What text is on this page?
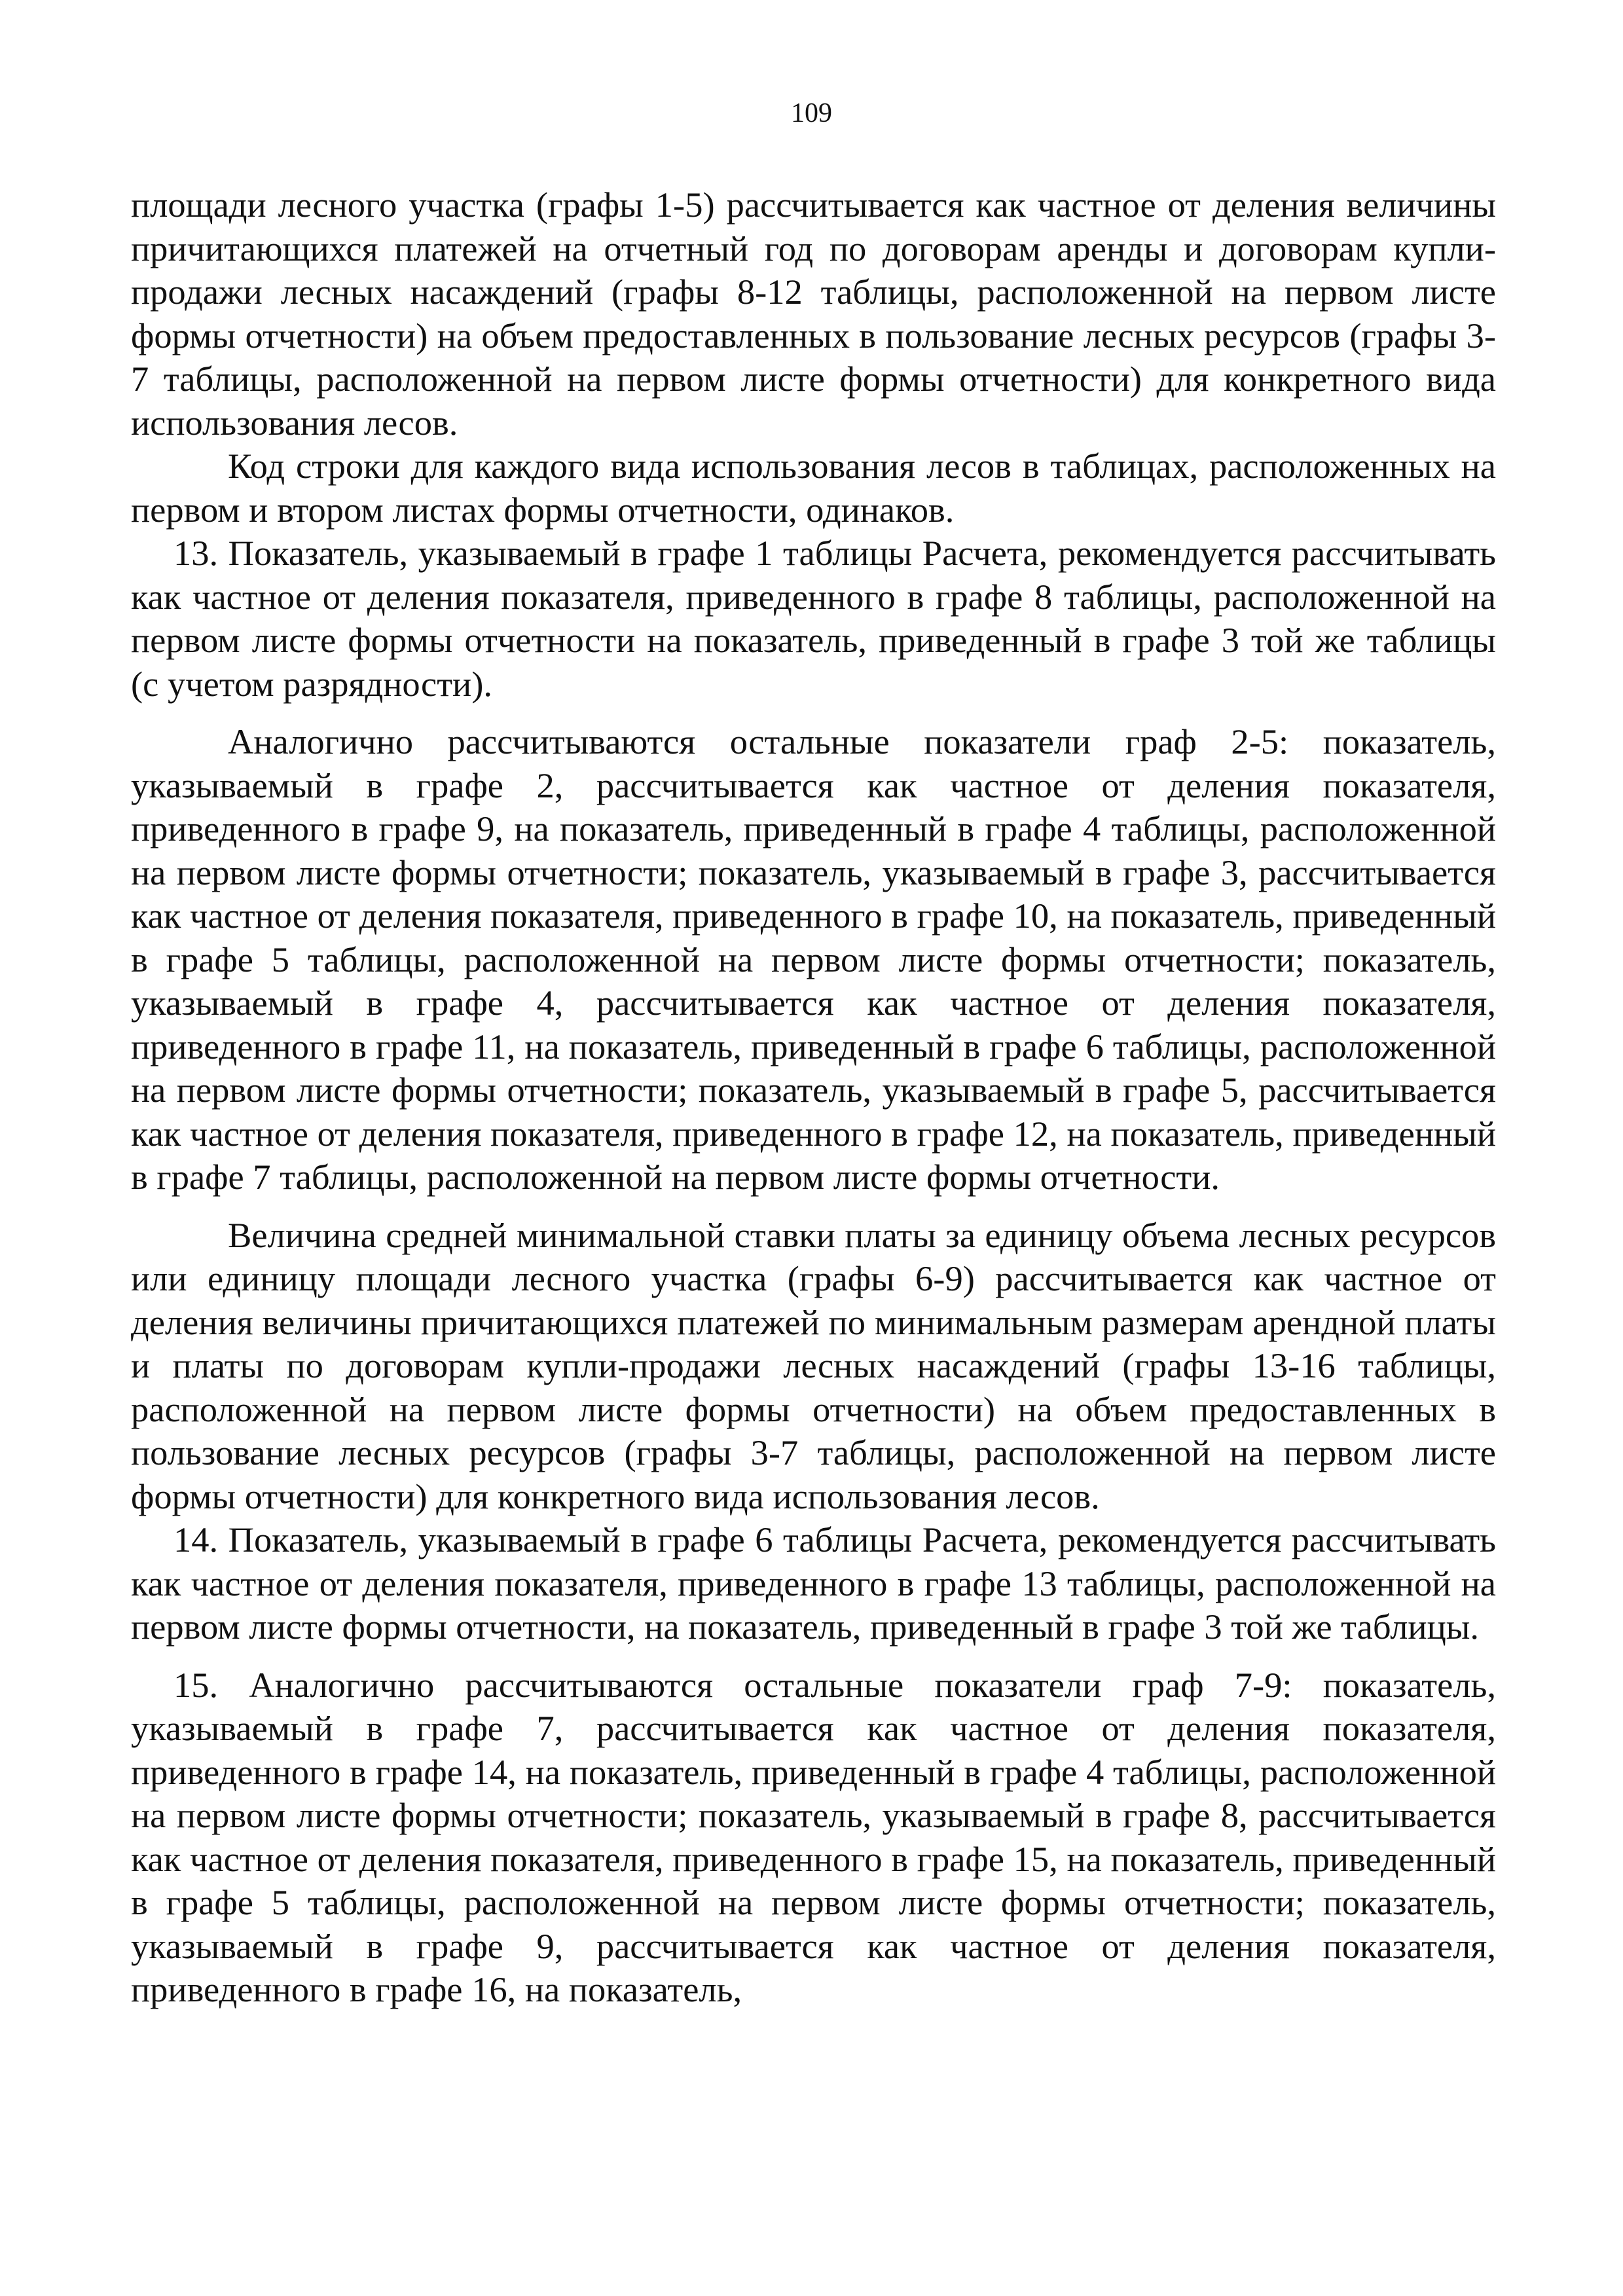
109

площади лесного участка (графы 1-5) рассчитывается как частное от деления величины причитающихся платежей на отчетный год по договорам аренды и договорам купли-продажи лесных насаждений (графы 8-12 таблицы, расположенной на первом листе формы отчетности) на объем предоставленных в пользование лесных ресурсов (графы 3-7 таблицы, расположенной на первом листе формы отчетности) для конкретного вида использования лесов.

Код строки для каждого вида использования лесов в таблицах, расположенных на первом и втором листах формы отчетности, одинаков.

13. Показатель, указываемый в графе 1 таблицы Расчета, рекомендуется рассчитывать как частное от деления показателя, приведенного в графе 8 таблицы, расположенной на первом листе формы отчетности на показатель, приведенный в графе 3 той же таблицы (с учетом разрядности).

Аналогично рассчитываются остальные показатели граф 2-5: показатель, указываемый в графе 2, рассчитывается как частное от деления показателя, приведенного в графе 9, на показатель, приведенный в графе 4 таблицы, расположенной на первом листе формы отчетности; показатель, указываемый в графе 3, рассчитывается как частное от деления показателя, приведенного в графе 10, на показатель, приведенный в графе 5 таблицы, расположенной на первом листе формы отчетности; показатель, указываемый в графе 4, рассчитывается как частное от деления показателя, приведенного в графе 11, на показатель, приведенный в графе 6 таблицы, расположенной на первом листе формы отчетности; показатель, указываемый в графе 5, рассчитывается как частное от деления показателя, приведенного в графе 12, на показатель, приведенный в графе 7 таблицы, расположенной на первом листе формы отчетности.

Величина средней минимальной ставки платы за единицу объема лесных ресурсов или единицу площади лесного участка (графы 6-9) рассчитывается как частное от деления величины причитающихся платежей по минимальным размерам арендной платы и платы по договорам купли-продажи лесных насаждений (графы 13-16 таблицы, расположенной на первом листе формы отчетности) на объем предоставленных в пользование лесных ресурсов (графы 3-7 таблицы, расположенной на первом листе формы отчетности) для конкретного вида использования лесов.

14. Показатель, указываемый в графе 6 таблицы Расчета, рекомендуется рассчитывать как частное от деления показателя, приведенного в графе 13 таблицы, расположенной на первом листе формы отчетности, на показатель, приведенный в графе 3 той же таблицы.

15. Аналогично рассчитываются остальные показатели граф 7-9: показатель, указываемый в графе 7, рассчитывается как частное от деления показателя, приведенного в графе 14, на показатель, приведенный в графе 4 таблицы, расположенной на первом листе формы отчетности; показатель, указываемый в графе 8, рассчитывается как частное от деления показателя, приведенного в графе 15, на показатель, приведенный в графе 5 таблицы, расположенной на первом листе формы отчетности; показатель, указываемый в графе 9, рассчитывается как частное от деления показателя, приведенного в графе 16, на показатель,
